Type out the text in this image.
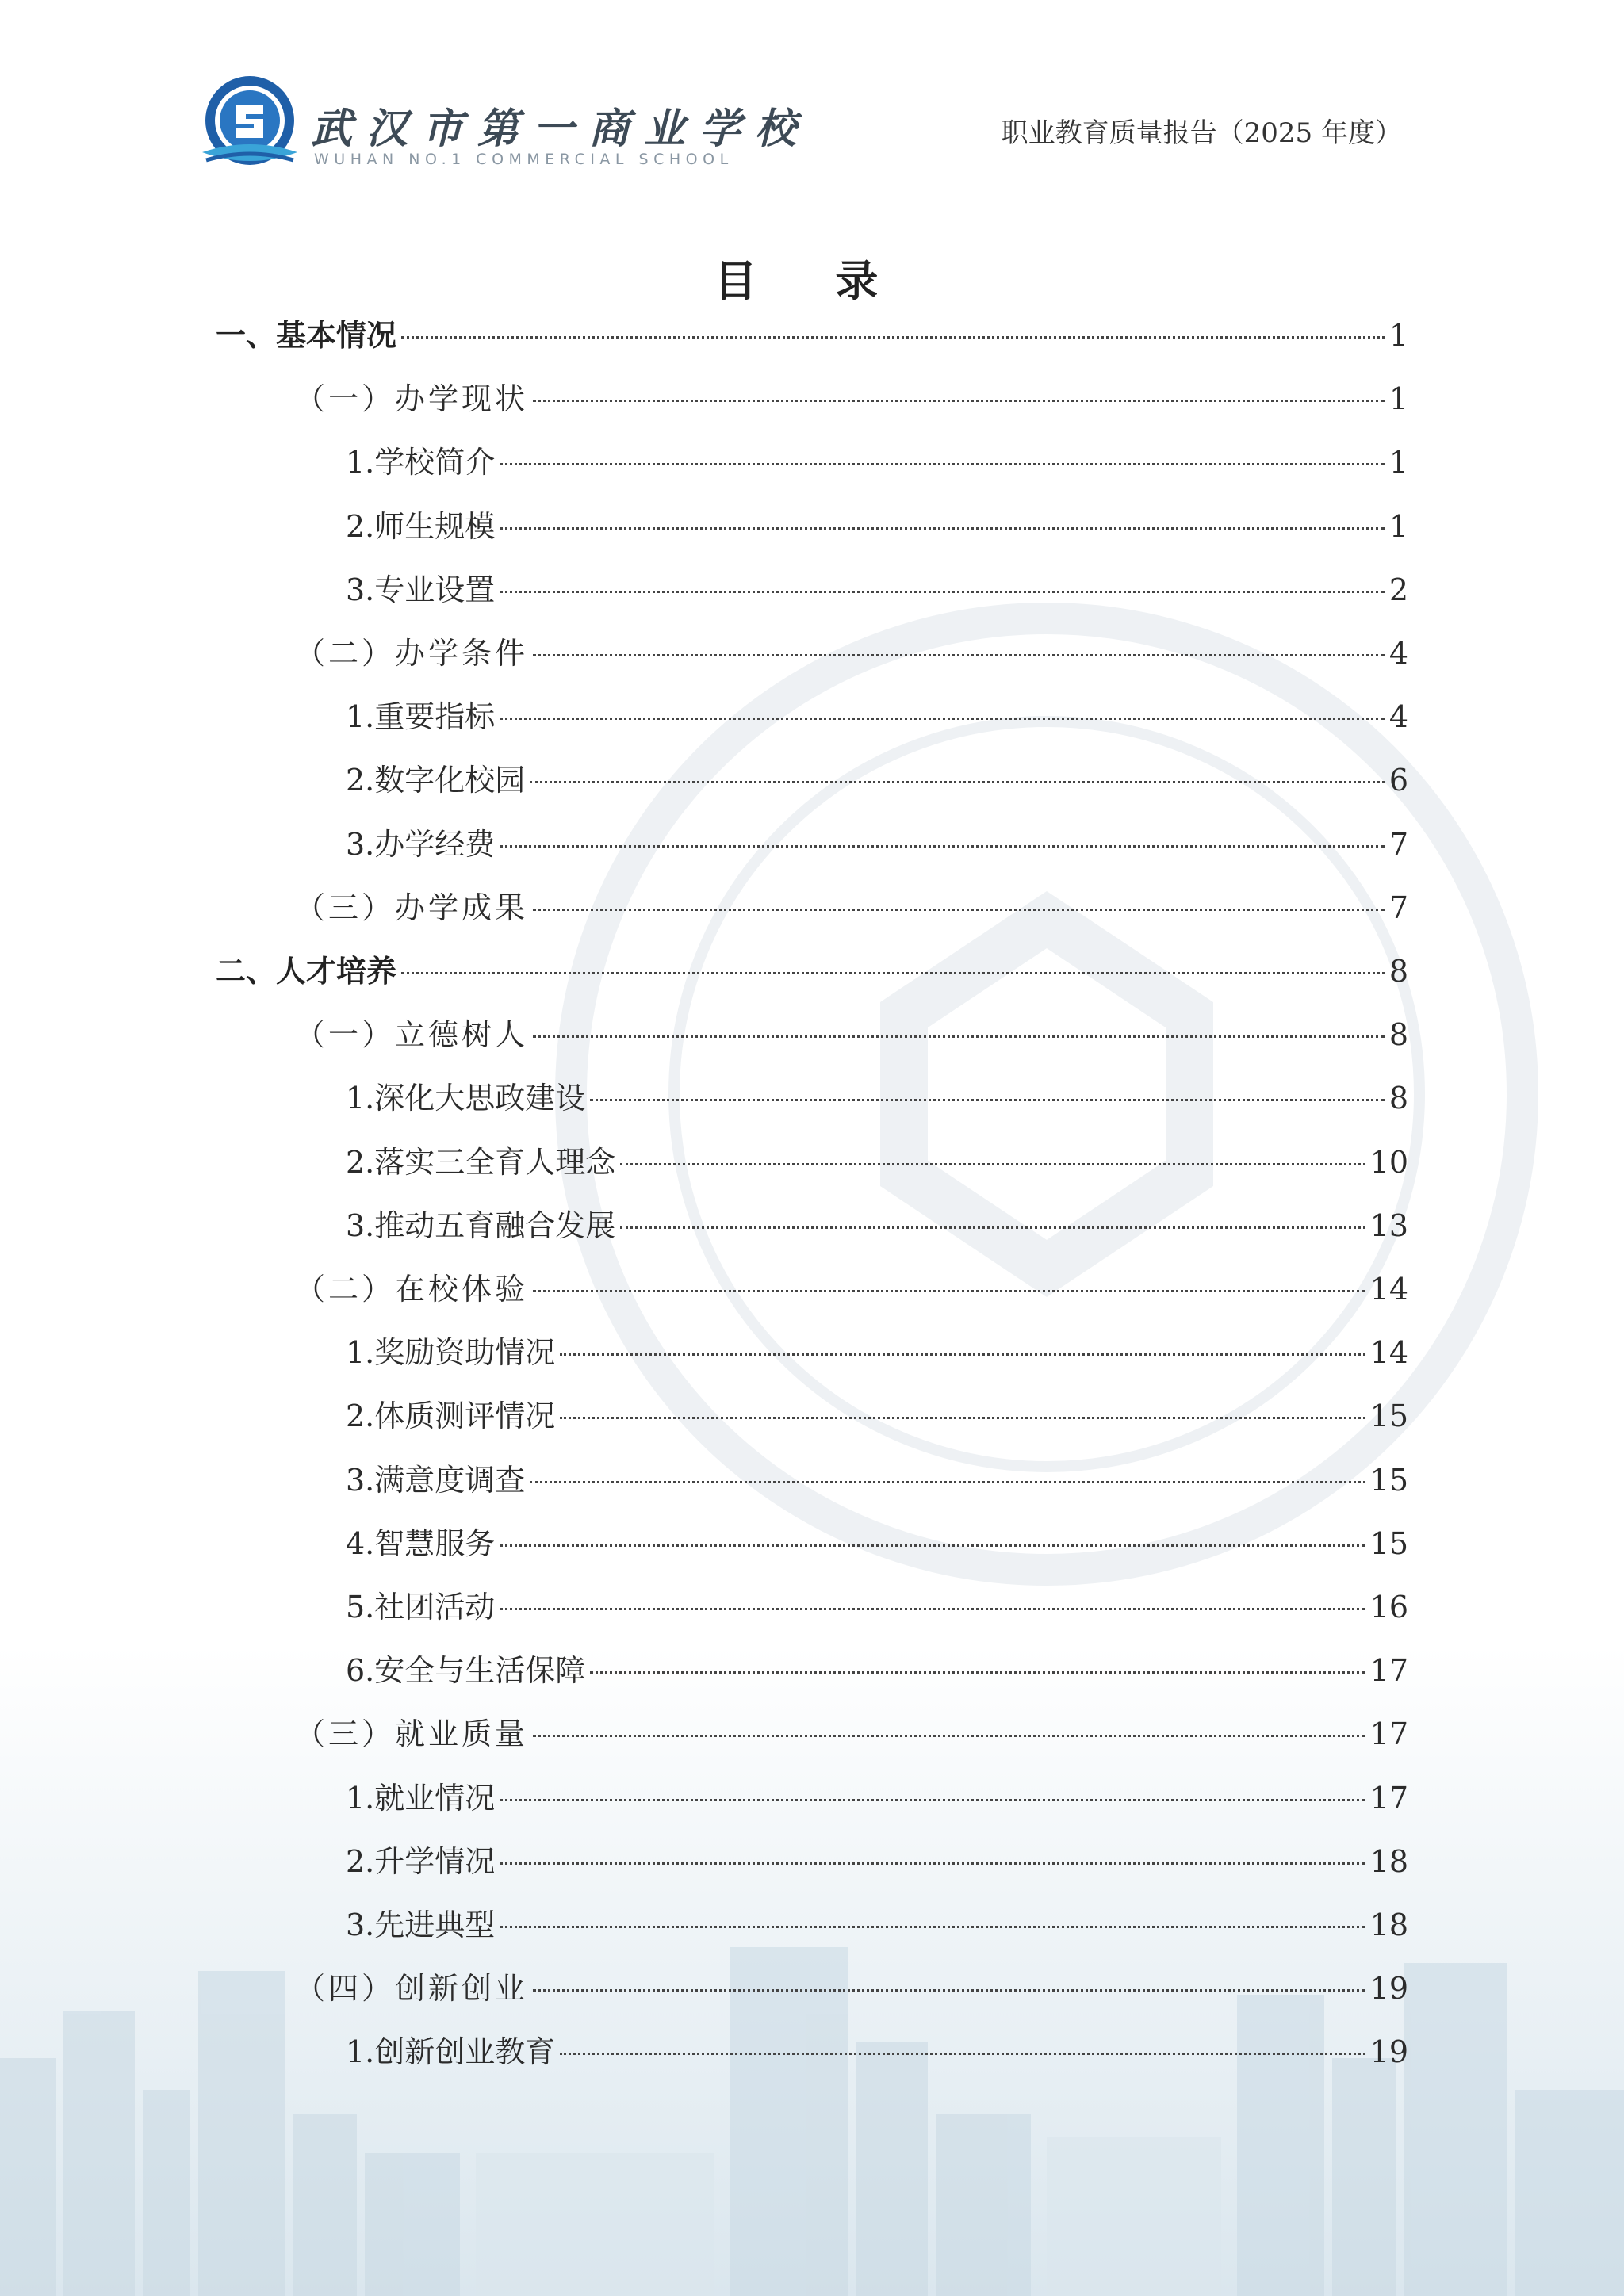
武汉市第一商业学校
WUHAN NO.1 COMMERCIAL SCHOOL
职业教育质量报告（2025 年度）
目 录
一、基本情况	1
（一）办学现状	1
1.学校简介	1
2.师生规模	1
3.专业设置	2
（二）办学条件	4
1.重要指标	4
2.数字化校园	6
3.办学经费	7
（三）办学成果	7
二、人才培养	8
（一）立德树人	8
1.深化大思政建设	8
2.落实三全育人理念	10
3.推动五育融合发展	13
（二）在校体验	14
1.奖励资助情况	14
2.体质测评情况	15
3.满意度调查	15
4.智慧服务	15
5.社团活动	16
6.安全与生活保障	17
（三）就业质量	17
1.就业情况	17
2.升学情况	18
3.先进典型	18
（四）创新创业	19
1.创新创业教育	19
